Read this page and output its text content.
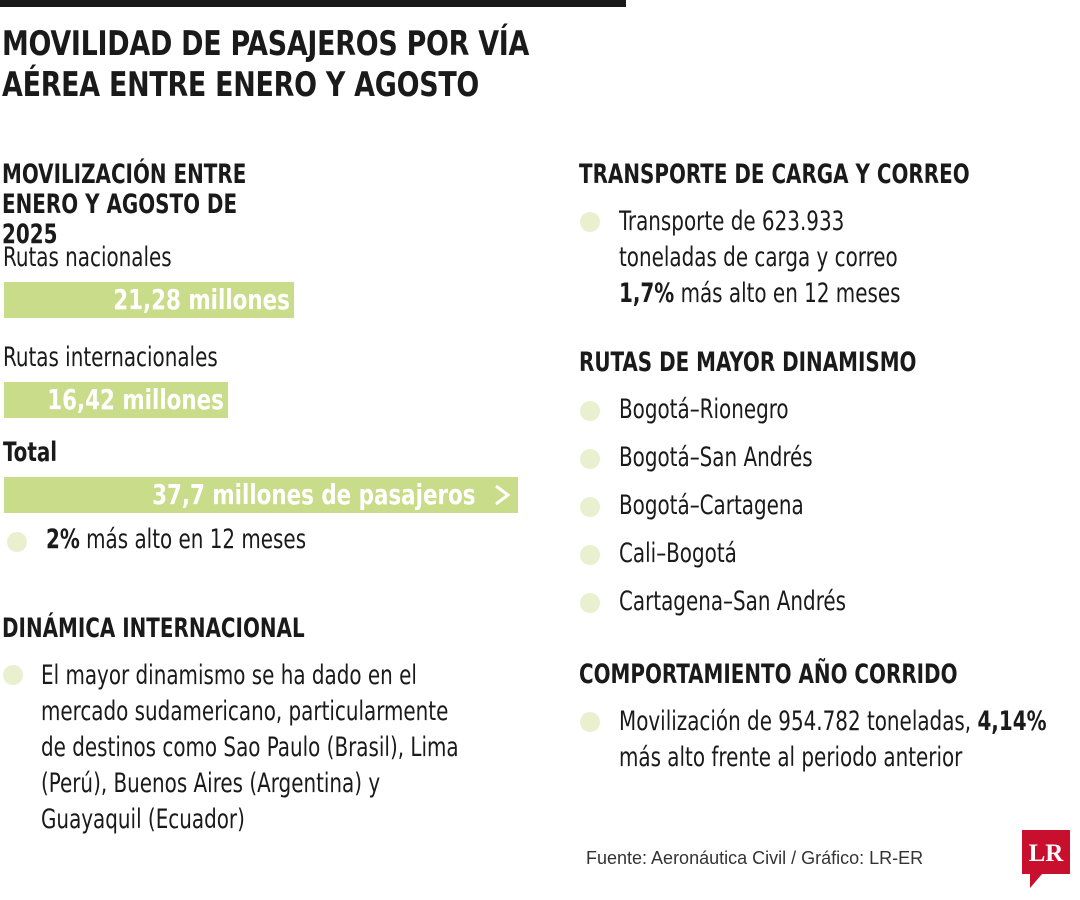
MOVILIDAD DE PASAJEROS POR VÍA AÉREA ENTRE ENERO Y AGOSTO
MOVILIZACIÓN ENTRE ENERO Y AGOSTO DE 2025
Rutas nacionales
21,28 millones
Rutas internacionales
16,42 millones
Total
37,7 millones de pasajeros
2% más alto en 12 meses
DINÁMICA INTERNACIONAL
El mayor dinamismo se ha dado en el mercado sudamericano, particularmente de destinos como Sao Paulo (Brasil), Lima (Perú), Buenos Aires (Argentina) y Guayaquil (Ecuador)
TRANSPORTE DE CARGA Y CORREO
Transporte de 623.933
toneladas de carga y correo
1,7% más alto en 12 meses
RUTAS DE MAYOR DINAMISMO
Bogotá–Rionegro
Bogotá–San Andrés
Bogotá–Cartagena
Cali–Bogotá
Cartagena–San Andrés
COMPORTAMIENTO AÑO CORRIDO
Movilización de 954.782 toneladas, 4,14%
más alto frente al periodo anterior
Fuente: Aeronáutica Civil / Gráfico: LR-ER	LR
